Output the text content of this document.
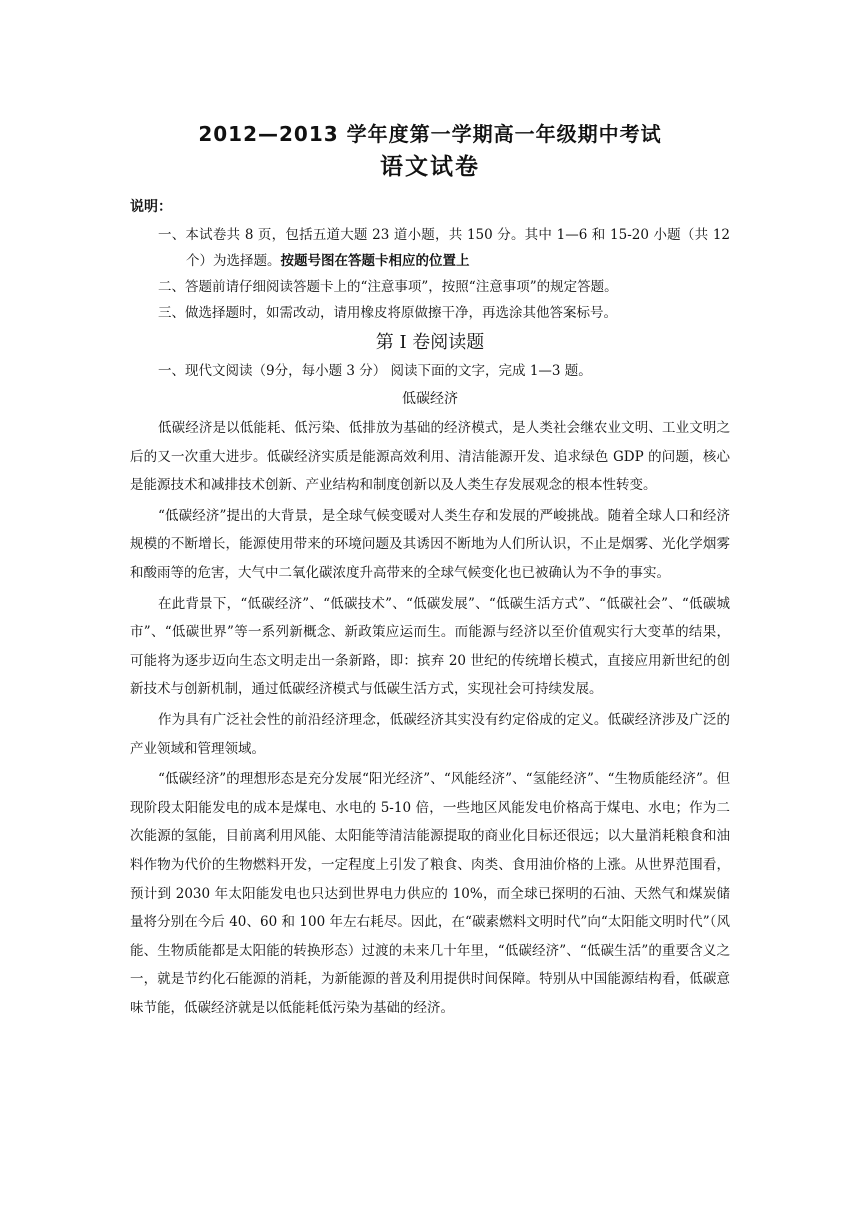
2012—2013 学年度第一学期高一年级期中考试
语文试卷
说明：
一、本试卷共 8 页，包括五道大题 23 道小题，共 150 分。其中 1—6 和 15-20 小题（共 12 个）为选择题。按题号图在答题卡相应的位置上
二、答题前请仔细阅读答题卡上的“注意事项”，按照“注意事项”的规定答题。
三、做选择题时，如需改动，请用橡皮将原做擦干净，再选涂其他答案标号。
第 I 卷阅读题
一、现代文阅读（9分，每小题 3 分） 阅读下面的文字，完成 1—3 题。
低碳经济

低碳经济是以低能耗、低污染、低排放为基础的经济模式，是人类社会继农业文明、工业文明之后的又一次重大进步。低碳经济实质是能源高效利用、清洁能源开发、追求绿色 GDP 的问题，核心是能源技术和减排技术创新、产业结构和制度创新以及人类生存发展观念的根本性转变。

“低碳经济”提出的大背景，是全球气候变暖对人类生存和发展的严峻挑战。随着全球人口和经济规模的不断增长，能源使用带来的环境问题及其诱因不断地为人们所认识，不止是烟雾、光化学烟雾和酸雨等的危害，大气中二氧化碳浓度升高带来的全球气候变化也已被确认为不争的事实。

在此背景下，“低碳经济”、“低碳技术”、“低碳发展”、“低碳生活方式”、“低碳社会”、“低碳城市”、“低碳世界”等一系列新概念、新政策应运而生。而能源与经济以至价值观实行大变革的结果，可能将为逐步迈向生态文明走出一条新路，即：摈弃 20 世纪的传统增长模式，直接应用新世纪的创新技术与创新机制，通过低碳经济模式与低碳生活方式，实现社会可持续发展。

作为具有广泛社会性的前沿经济理念，低碳经济其实没有约定俗成的定义。低碳经济涉及广泛的产业领域和管理领域。

“低碳经济”的理想形态是充分发展“阳光经济”、“风能经济”、“氢能经济”、“生物质能经济”。但现阶段太阳能发电的成本是煤电、水电的 5-10 倍，一些地区风能发电价格高于煤电、水电；作为二次能源的氢能，目前离利用风能、太阳能等清洁能源提取的商业化目标还很远；以大量消耗粮食和油料作物为代价的生物燃料开发，一定程度上引发了粮食、肉类、食用油价格的上涨。从世界范围看，预计到 2030 年太阳能发电也只达到世界电力供应的 10%，而全球已探明的石油、天然气和煤炭储量将分别在今后 40、60 和 100 年左右耗尽。因此，在“碳素燃料文明时代”向“太阳能文明时代”（风能、生物质能都是太阳能的转换形态）过渡的未来几十年里，“低碳经济”、“低碳生活”的重要含义之一，就是节约化石能源的消耗，为新能源的普及利用提供时间保障。特别从中国能源结构看，低碳意味节能，低碳经济就是以低能耗低污染为基础的经济。
